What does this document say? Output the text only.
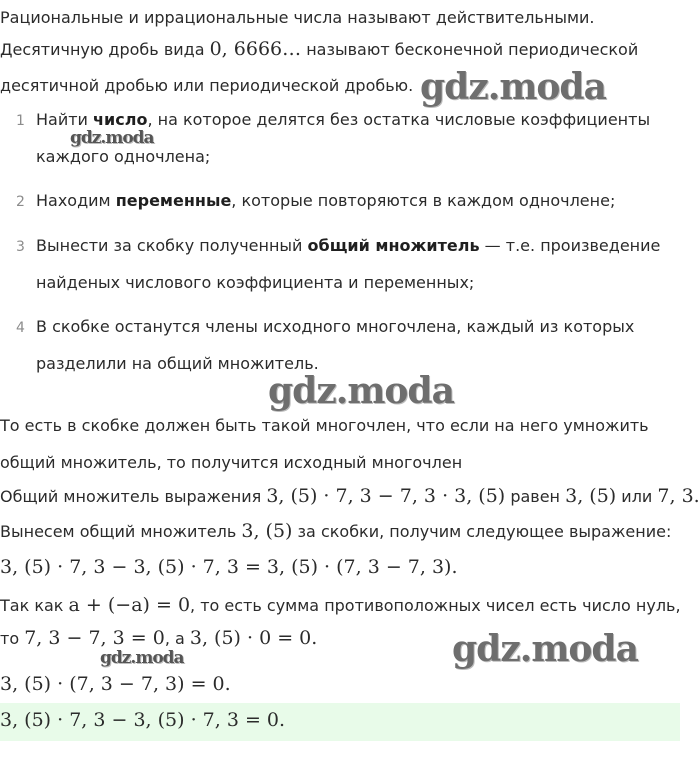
Рациональные и иррациональные числа называют действительными.
Десятичную дробь вида 0, 6666… называют бесконечной периодической
десятичной дробью или периодической дробью.
1 Найти число, на которое делятся без остатка числовые коэффициенты
каждого одночлена;
2 Находим переменные, которые повторяются в каждом одночлене;
3 Вынести за скобку полученный общий множитель — т.е. произведение
найденых числового коэффициента и переменных;
4 В скобке останутся члены исходного многочлена, каждый из которых
разделили на общий множитель.
То есть в скобке должен быть такой многочлен, что если на него умножить
общий множитель, то получится исходный многочлен
Общий множитель выражения 3, (5) · 7, 3 − 7, 3 · 3, (5) равен 3, (5) или 7, 3.
Вынесем общий множитель 3, (5) за скобки, получим следующее выражение:
3, (5) · 7, 3 − 3, (5) · 7, 3 = 3, (5) · (7, 3 − 7, 3).
Так как a + (−a) = 0, то есть сумма противоположных чисел есть число нуль,
то 7, 3 − 7, 3 = 0, а 3, (5) · 0 = 0.
3, (5) · (7, 3 − 7, 3) = 0.
3, (5) · 7, 3 − 3, (5) · 7, 3 = 0.
gdz.moda
gdz.moda
gdz.moda
gdz.moda
gdz.moda
